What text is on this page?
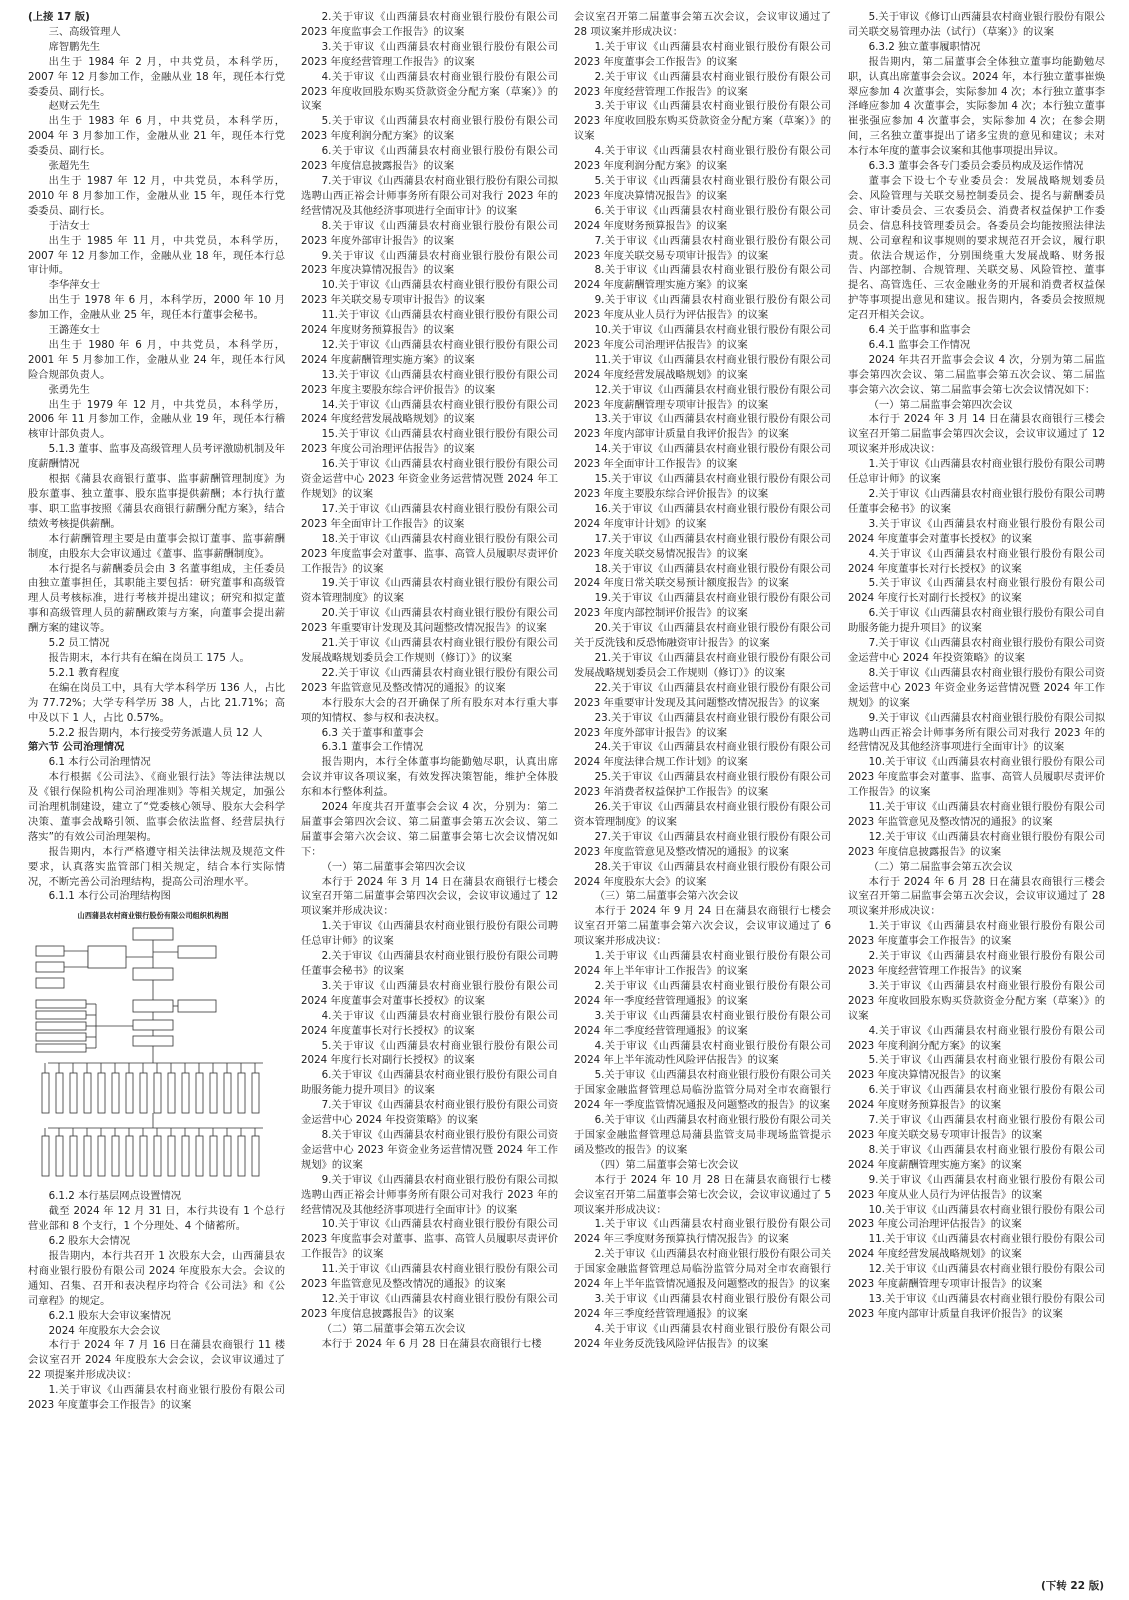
(上接 17 版)

三、高级管理人

席智鹏先生

出生于 1984 年 2 月，中共党员，本科学历，2007 年 12 月参加工作，金融从业 18 年，现任本行党委委员、副行长。

赵财云先生

出生于 1983 年 6 月，中共党员，本科学历，2004 年 3 月参加工作，金融从业 21 年，现任本行党委委员、副行长。

张超先生

出生于 1987 年 12 月，中共党员，本科学历，2010 年 8 月参加工作，金融从业 15 年，现任本行党委委员、副行长。

于洁女士

出生于 1985 年 11 月，中共党员，本科学历，2007 年 12 月参加工作，金融从业 18 年，现任本行总审计师。

李华萍女士

出生于 1978 年 6 月，本科学历，2000 年 10 月参加工作，金融从业 25 年，现任本行董事会秘书。

王潞莲女士

出生于 1980 年 6 月，中共党员，本科学历，2001 年 5 月参加工作，金融从业 24 年，现任本行风险合规部负责人。

张勇先生

出生于 1979 年 12 月，中共党员，本科学历，2006 年 11 月参加工作，金融从业 19 年，现任本行稽核审计部负责人。

5.1.3 董事、监事及高级管理人员考评激励机制及年度薪酬情况

根据《蒲县农商银行董事、监事薪酬管理制度》为股东董事、独立董事、股东监事提供薪酬；本行执行董事、职工监事按照《蒲县农商银行薪酬分配方案》，结合绩效考核提供薪酬。

本行薪酬管理主要是由董事会拟订董事、监事薪酬制度，由股东大会审议通过《董事、监事薪酬制度》。

本行提名与薪酬委员会由 3 名董事组成，主任委员由独立董事担任，其职能主要包括：研究董事和高级管理人员考核标准，进行考核并提出建议；研究和拟定董事和高级管理人员的薪酬政策与方案，向董事会提出薪酬方案的建议等。

5.2 员工情况

报告期末，本行共有在编在岗员工 175 人。

5.2.1 教育程度

在编在岗员工中，具有大学本科学历 136 人，占比为 77.72%；大学专科学历 38 人，占比 21.71%；高中及以下 1 人，占比 0.57%。

5.2.2 报告期内，本行接受劳务派遣人员 12 人

第六节 公司治理情况

6.1 本行公司治理情况

本行根据《公司法》、《商业银行法》等法律法规以及《银行保险机构公司治理准则》等相关规定，加强公司治理机制建设，建立了“党委核心领导、股东大会科学决策、董事会战略引领、监事会依法监督、经营层执行落实”的有效公司治理架构。

报告期内，本行严格遵守相关法律法规及规范文件要求，认真落实监管部门相关规定，结合本行实际情况，不断完善公司治理结构，提高公司治理水平。

6.1.1 本行公司治理结构图

山西蒲县农村商业银行股份有限公司组织机构图

6.1.2 本行基层网点设置情况

截至 2024 年 12 月 31 日，本行共设有 1 个总行营业部和 8 个支行，1 个分理处、4 个储蓄所。

6.2 股东大会情况

报告期内，本行共召开 1 次股东大会，山西蒲县农村商业银行股份有限公司 2024 年度股东大会。会议的通知、召集、召开和表决程序均符合《公司法》和《公司章程》的规定。

6.2.1 股东大会审议案情况

2024 年度股东大会会议

本行于 2024 年 7 月 16 日在蒲县农商银行 11 楼会议室召开 2024 年度股东大会会议，会议审议通过了 22 项提案并形成决议：

1.关于审议《山西蒲县农村商业银行股份有限公司 2023 年度董事会工作报告》的议案

2.关于审议《山西蒲县农村商业银行股份有限公司 2023 年度监事会工作报告》的议案

3.关于审议《山西蒲县农村商业银行股份有限公司 2023 年度经营管理工作报告》的议案

4.关于审议《山西蒲县农村商业银行股份有限公司 2023 年度收回股东购买贷款资金分配方案（草案）》的议案

5.关于审议《山西蒲县农村商业银行股份有限公司 2023 年度利润分配方案》的议案

6.关于审议《山西蒲县农村商业银行股份有限公司 2023 年度信息披露报告》的议案

7.关于审议《山西蒲县农村商业银行股份有限公司拟选聘山西正裕会计师事务所有限公司对我行 2023 年的经营情况及其他经济事项进行全面审计》的议案

8.关于审议《山西蒲县农村商业银行股份有限公司 2023 年度外部审计报告》的议案

9.关于审议《山西蒲县农村商业银行股份有限公司 2023 年度决算情况报告》的议案

10.关于审议《山西蒲县农村商业银行股份有限公司 2023 年关联交易专项审计报告》的议案

11.关于审议《山西蒲县农村商业银行股份有限公司 2024 年度财务预算报告》的议案

12.关于审议《山西蒲县农村商业银行股份有限公司 2024 年度薪酬管理实施方案》的议案

13.关于审议《山西蒲县农村商业银行股份有限公司 2023 年度主要股东综合评价报告》的议案

14.关于审议《山西蒲县农村商业银行股份有限公司 2024 年度经营发展战略规划》的议案

15.关于审议《山西蒲县农村商业银行股份有限公司 2023 年度公司治理评估报告》的议案

16.关于审议《山西蒲县农村商业银行股份有限公司资金运营中心 2023 年资金业务运营情况暨 2024 年工作规划》的议案

17.关于审议《山西蒲县农村商业银行股份有限公司 2023 年全面审计工作报告》的议案

18.关于审议《山西蒲县农村商业银行股份有限公司 2023 年度监事会对董事、监事、高管人员履职尽责评价工作报告》的议案

19.关于审议《山西蒲县农村商业银行股份有限公司资本管理制度》的议案

20.关于审议《山西蒲县农村商业银行股份有限公司 2023 年重要审计发现及其问题整改情况报告》的议案

21.关于审议《山西蒲县农村商业银行股份有限公司发展战略规划委员会工作规则（修订）》的议案

22.关于审议《山西蒲县农村商业银行股份有限公司 2023 年监管意见及整改情况的通报》的议案

本行股东大会的召开确保了所有股东对本行重大事项的知情权、参与权和表决权。

6.3 关于董事和董事会

6.3.1 董事会工作情况

报告期内，本行全体董事均能勤勉尽职，认真出席会议并审议各项议案，有效发挥决策智能，维护全体股东和本行整体利益。

2024 年度共召开董事会会议 4 次，分别为：第二届董事会第四次会议、第二届董事会第五次会议、第二届董事会第六次会议、第二届董事会第七次会议情况如下：

（一）第二届董事会第四次会议

本行于 2024 年 3 月 14 日在蒲县农商银行七楼会议室召开第二届董事会第四次会议，会议审议通过了 12 项议案并形成决议：

1.关于审议《山西蒲县农村商业银行股份有限公司聘任总审计师》的议案

2.关于审议《山西蒲县农村商业银行股份有限公司聘任董事会秘书》的议案

3.关于审议《山西蒲县农村商业银行股份有限公司 2024 年度董事会对董事长授权》的议案

4.关于审议《山西蒲县农村商业银行股份有限公司 2024 年度董事长对行长授权》的议案

5.关于审议《山西蒲县农村商业银行股份有限公司 2024 年度行长对副行长授权》的议案

6.关于审议《山西蒲县农村商业银行股份有限公司自助服务能力提升项目》的议案

7.关于审议《山西蒲县农村商业银行股份有限公司资金运营中心 2024 年投资策略》的议案

8.关于审议《山西蒲县农村商业银行股份有限公司资金运营中心 2023 年资金业务运营情况暨 2024 年工作规划》的议案

9.关于审议《山西蒲县农村商业银行股份有限公司拟选聘山西正裕会计师事务所有限公司对我行 2023 年的经营情况及其他经济事项进行全面审计》的议案

10.关于审议《山西蒲县农村商业银行股份有限公司 2023 年度监事会对董事、监事、高管人员履职尽责评价工作报告》的议案

11.关于审议《山西蒲县农村商业银行股份有限公司 2023 年监管意见及整改情况的通报》的议案

12.关于审议《山西蒲县农村商业银行股份有限公司 2023 年度信息披露报告》的议案

（二）第二届董事会第五次会议

本行于 2024 年 6 月 28 日在蒲县农商银行七楼

会议室召开第二届董事会第五次会议，会议审议通过了 28 项议案并形成决议：

1.关于审议《山西蒲县农村商业银行股份有限公司 2023 年度董事会工作报告》的议案

2.关于审议《山西蒲县农村商业银行股份有限公司 2023 年度经营管理工作报告》的议案

3.关于审议《山西蒲县农村商业银行股份有限公司 2023 年度收回股东购买贷款资金分配方案（草案）》的议案

4.关于审议《山西蒲县农村商业银行股份有限公司 2023 年度利润分配方案》的议案

5.关于审议《山西蒲县农村商业银行股份有限公司 2023 年度决算情况报告》的议案

6.关于审议《山西蒲县农村商业银行股份有限公司 2024 年度财务预算报告》的议案

7.关于审议《山西蒲县农村商业银行股份有限公司 2023 年度关联交易专项审计报告》的议案

8.关于审议《山西蒲县农村商业银行股份有限公司 2024 年度薪酬管理实施方案》的议案

9.关于审议《山西蒲县农村商业银行股份有限公司 2023 年度从业人员行为评估报告》的议案

10.关于审议《山西蒲县农村商业银行股份有限公司 2023 年度公司治理评估报告》的议案

11.关于审议《山西蒲县农村商业银行股份有限公司 2024 年度经营发展战略规划》的议案

12.关于审议《山西蒲县农村商业银行股份有限公司 2023 年度薪酬管理专项审计报告》的议案

13.关于审议《山西蒲县农村商业银行股份有限公司 2023 年度内部审计质量自我评价报告》的议案

14.关于审议《山西蒲县农村商业银行股份有限公司 2023 年全面审计工作报告》的议案

15.关于审议《山西蒲县农村商业银行股份有限公司 2023 年度主要股东综合评价报告》的议案

16.关于审议《山西蒲县农村商业银行股份有限公司 2024 年度审计计划》的议案

17.关于审议《山西蒲县农村商业银行股份有限公司 2023 年度关联交易情况报告》的议案

18.关于审议《山西蒲县农村商业银行股份有限公司 2024 年度日常关联交易预计额度报告》的议案

19.关于审议《山西蒲县农村商业银行股份有限公司 2023 年度内部控制评价报告》的议案

20.关于审议《山西蒲县农村商业银行股份有限公司关于反洗钱和反恐怖融资审计报告》的议案

21.关于审议《山西蒲县农村商业银行股份有限公司发展战略规划委员会工作规则（修订）》的议案

22.关于审议《山西蒲县农村商业银行股份有限公司 2023 年重要审计发现及其问题整改情况报告》的议案

23.关于审议《山西蒲县农村商业银行股份有限公司 2023 年度外部审计报告》的议案

24.关于审议《山西蒲县农村商业银行股份有限公司 2024 年度法律合规工作计划》的议案

25.关于审议《山西蒲县农村商业银行股份有限公司 2023 年消费者权益保护工作报告》的议案

26.关于审议《山西蒲县农村商业银行股份有限公司资本管理制度》的议案

27.关于审议《山西蒲县农村商业银行股份有限公司 2023 年度监管意见及整改情况的通报》的议案

28.关于审议《山西蒲县农村商业银行股份有限公司 2024 年度股东大会》的议案

（三）第二届董事会第六次会议

本行于 2024 年 9 月 24 日在蒲县农商银行七楼会议室召开第二届董事会第六次会议，会议审议通过了 6 项议案并形成决议：

1.关于审议《山西蒲县农村商业银行股份有限公司 2024 年上半年审计工作报告》的议案

2.关于审议《山西蒲县农村商业银行股份有限公司 2024 年一季度经营管理通报》的议案

3.关于审议《山西蒲县农村商业银行股份有限公司 2024 年二季度经营管理通报》的议案

4.关于审议《山西蒲县农村商业银行股份有限公司 2024 年上半年流动性风险评估报告》的议案

5.关于审议《山西蒲县农村商业银行股份有限公司关于国家金融监督管理总局临汾监管分局对全市农商银行 2024 年一季度监管情况通报及问题整改的报告》的议案

6.关于审议《山西蒲县农村商业银行股份有限公司关于国家金融监督管理总局蒲县监管支局非现场监管提示函及整改的报告》的议案

（四）第二届董事会第七次会议

本行于 2024 年 10 月 28 日在蒲县农商银行七楼会议室召开第二届董事会第七次会议，会议审议通过了 5 项议案并形成决议：

1.关于审议《山西蒲县农村商业银行股份有限公司 2024 年三季度财务预算执行情况报告》的议案

2.关于审议《山西蒲县农村商业银行股份有限公司关于国家金融监督管理总局临汾监管分局对全市农商银行 2024 年上半年监管情况通报及问题整改的报告》的议案

3.关于审议《山西蒲县农村商业银行股份有限公司 2024 年三季度经营管理通报》的议案

4.关于审议《山西蒲县农村商业银行股份有限公司 2024 年业务反洗钱风险评估报告》的议案

5.关于审议《修订山西蒲县农村商业银行股份有限公司关联交易管理办法（试行）（草案）》的议案

6.3.2 独立董事履职情况

报告期内，第二届董事会全体独立董事均能勤勉尽职，认真出席董事会会议。2024 年，本行独立董事崔焕翠应参加 4 次董事会，实际参加 4 次；本行独立董事李泽峰应参加 4 次董事会，实际参加 4 次；本行独立董事崔张强应参加 4 次董事会，实际参加 4 次；在参会期间，三名独立董事提出了诸多宝贵的意见和建议；未对本行本年度的董事会议案和其他事项提出异议。

6.3.3 董事会各专门委员会委员构成及运作情况

董事会下设七个专业委员会：发展战略规划委员会、风险管理与关联交易控制委员会、提名与薪酬委员会、审计委员会、三农委员会、消费者权益保护工作委员会、信息科技管理委员会。各委员会均能按照法律法规、公司章程和议事规则的要求规范召开会议，履行职责。依法合规运作，分别围绕重大发展战略、财务报告、内部控制、合规管理、关联交易、风险管控、董事提名、高管选任、三农金融业务的开展和消费者权益保护等事项提出意见和建议。报告期内，各委员会按照规定召开相关会议。

6.4 关于监事和监事会

6.4.1 监事会工作情况

2024 年共召开监事会会议 4 次，分别为第二届监事会第四次会议、第二届监事会第五次会议、第二届监事会第六次会议、第二届监事会第七次会议情况如下：

（一）第二届监事会第四次会议

本行于 2024 年 3 月 14 日在蒲县农商银行三楼会议室召开第二届监事会第四次会议，会议审议通过了 12 项议案并形成决议：

1.关于审议《山西蒲县农村商业银行股份有限公司聘任总审计师》的议案

2.关于审议《山西蒲县农村商业银行股份有限公司聘任董事会秘书》的议案

3.关于审议《山西蒲县农村商业银行股份有限公司 2024 年度董事会对董事长授权》的议案

4.关于审议《山西蒲县农村商业银行股份有限公司 2024 年度董事长对行长授权》的议案

5.关于审议《山西蒲县农村商业银行股份有限公司 2024 年度行长对副行长授权》的议案

6.关于审议《山西蒲县农村商业银行股份有限公司自助服务能力提升项目》的议案

7.关于审议《山西蒲县农村商业银行股份有限公司资金运营中心 2024 年投资策略》的议案

8.关于审议《山西蒲县农村商业银行股份有限公司资金运营中心 2023 年资金业务运营情况暨 2024 年工作规划》的议案

9.关于审议《山西蒲县农村商业银行股份有限公司拟选聘山西正裕会计师事务所有限公司对我行 2023 年的经营情况及其他经济事项进行全面审计》的议案

10.关于审议《山西蒲县农村商业银行股份有限公司 2023 年度监事会对董事、监事、高管人员履职尽责评价工作报告》的议案

11.关于审议《山西蒲县农村商业银行股份有限公司 2023 年监管意见及整改情况的通报》的议案

12.关于审议《山西蒲县农村商业银行股份有限公司 2023 年度信息披露报告》的议案

（二）第二届监事会第五次会议

本行于 2024 年 6 月 28 日在蒲县农商银行三楼会议室召开第二届监事会第五次会议，会议审议通过了 28 项议案并形成决议：

1.关于审议《山西蒲县农村商业银行股份有限公司 2023 年度董事会工作报告》的议案

2.关于审议《山西蒲县农村商业银行股份有限公司 2023 年度经营管理工作报告》的议案

3.关于审议《山西蒲县农村商业银行股份有限公司 2023 年度收回股东购买贷款资金分配方案（草案）》的议案

4.关于审议《山西蒲县农村商业银行股份有限公司 2023 年度利润分配方案》的议案

5.关于审议《山西蒲县农村商业银行股份有限公司 2023 年度决算情况报告》的议案

6.关于审议《山西蒲县农村商业银行股份有限公司 2024 年度财务预算报告》的议案

7.关于审议《山西蒲县农村商业银行股份有限公司 2023 年度关联交易专项审计报告》的议案

8.关于审议《山西蒲县农村商业银行股份有限公司 2024 年度薪酬管理实施方案》的议案

9.关于审议《山西蒲县农村商业银行股份有限公司 2023 年度从业人员行为评估报告》的议案

10.关于审议《山西蒲县农村商业银行股份有限公司 2023 年度公司治理评估报告》的议案

11.关于审议《山西蒲县农村商业银行股份有限公司 2024 年度经营发展战略规划》的议案

12.关于审议《山西蒲县农村商业银行股份有限公司 2023 年度薪酬管理专项审计报告》的议案

13.关于审议《山西蒲县农村商业银行股份有限公司 2023 年度内部审计质量自我评价报告》的议案

(下转 22 版)
